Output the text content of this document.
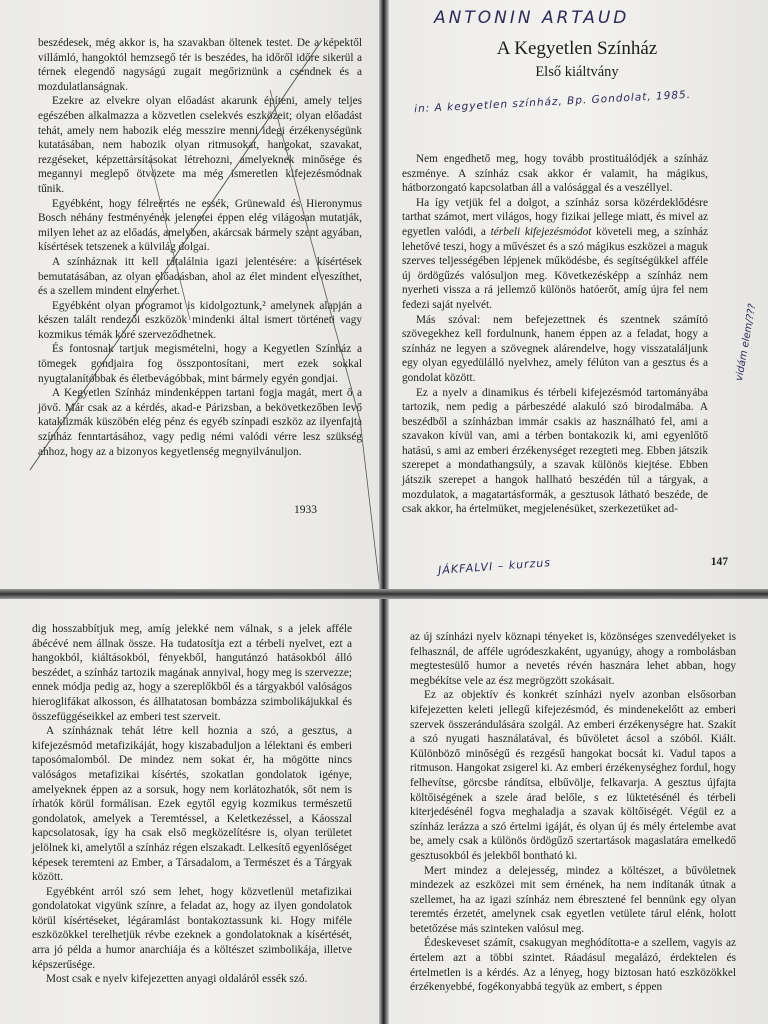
beszédesek, még akkor is, ha szavakban öltenek testet. De a képektől villámló, hangoktól hemzsegő tér is beszédes, ha időről időre sikerül a térnek elegendő nagyságú zugait megőriznünk a csendnek és a mozdulatlanságnak.

Ezekre az elvekre olyan előadást akarunk építeni, amely teljes egészében alkalmazza a közvetlen cselekvés eszközeit; olyan előadást tehát, amely nem habozik elég messzire menni idegi érzékenységünk kutatásában, nem habozik olyan ritmusokat, hangokat, szavakat, rezgéseket, képzettársításokat létrehozni, amelyeknek minősége és megannyi meglepő ötvözete ma még ismeretlen kifejezésmódnak tűnik.

Egyébként, hogy félreértés ne essék, Grünewald és Hieronymus Bosch néhány festményének jelenetei éppen elég világosan mutatják, milyen lehet az az előadás, amelyben, akárcsak bármely szent agyában, kísértések tetszenek a külvilág dolgai.

A színháznak itt kell rátalálnia igazi jelentésére: a kísértések bemutatásában, az olyan előadásban, ahol az élet mindent elveszíthet, és a szellem mindent elnyerhet.

Egyébként olyan programot is kidolgoztunk,² amelynek alapján a készen talált rendezői eszközök mindenki által ismert történeti vagy kozmikus témák köré szerveződhetnek.

És fontosnak tartjuk megismételni, hogy a Kegyetlen Színház a tömegek gondjaira fog összpontosítani, mert ezek sokkal nyugtalanítóbbak és életbevágóbbak, mint bármely egyén gondjai.

A Kegyetlen Színház mindenképpen tartani fogja magát, mert ő a jövő. Már csak az a kérdés, akad-e Párizsban, a bekövetkezőben levő kataklizmák küszöbén elég pénz és egyéb színpadi eszköz az ilyenfajta színház fenntartásához, vagy pedig némi valódi vérre lesz szükség ahhoz, hogy az a bizonyos kegyetlenség megnyilvánuljon.

1933
ANTONIN ARTAUD
A Kegyetlen Színház
Első kiáltvány
in: A kegyetlen színház, Bp. Gondolat, 1985.

Nem engedhető meg, hogy tovább prostituálódjék a színház eszménye. A színház csak akkor ér valamit, ha mágikus, hátborzongató kapcsolatban áll a valósággal és a veszéllyel.

Ha így vetjük fel a dolgot, a színház sorsa közérdeklődésre tarthat számot, mert világos, hogy fizikai jellege miatt, és mivel az egyetlen valódi, a térbeli kifejezésmódot követeli meg, a színház lehetővé teszi, hogy a művészet és a szó mágikus eszközei a maguk szerves teljességében lépjenek működésbe, és segítségükkel afféle új ördögűzés valósuljon meg. Következésképp a színház nem nyerheti vissza a rá jellemző különös hatóerőt, amíg újra fel nem fedezi saját nyelvét.

Más szóval: nem befejezettnek és szentnek számító szövegekhez kell fordulnunk, hanem éppen az a feladat, hogy a színház ne legyen a szövegnek alárendelve, hogy visszataláljunk egy olyan egyedülálló nyelvhez, amely félúton van a gesztus és a gondolat között.

Ez a nyelv a dinamikus és térbeli kifejezésmód tartományába tartozik, nem pedig a párbeszédé alakuló szó birodalmába. A beszédből a színházban immár csakis az használható fel, ami a szavakon kívül van, ami a térben bontakozik ki, ami egyenlőtő hatású, s ami az emberi érzékenységet rezegteti meg. Ebben játszik szerepet a mondathangsúly, a szavak különös kiejtése. Ebben játszik szerepet a hangok hallható beszédén túl a tárgyak, a mozdulatok, a magatartásformák, a gesztusok látható beszéde, de csak akkor, ha értelmüket, megjelenésüket, szerkezetüket ad-

vidám elem/???
JÁKFALVI – kurzus	147

dig hosszabbítjuk meg, amíg jelekké nem válnak, s a jelek afféle ábécévé nem állnak össze. Ha tudatosítja ezt a térbeli nyelvet, ezt a hangokból, kiáltásokból, fényekből, hangutánzó hatásokból álló beszédet, a színház tartozik magának annyival, hogy meg is szervezze; ennek módja pedig az, hogy a szereplőkből és a tárgyakból valóságos hieroglifákat alkosson, és állhatatosan bombázza szimbolikájukkal és összefüggéseikkel az emberi test szerveit.

A színháznak tehát létre kell hoznia a szó, a gesztus, a kifejezésmód metafizikáját, hogy kiszabaduljon a lélektani és emberi taposómalomból. De mindez nem sokat ér, ha mögötte nincs valóságos metafizikai kísértés, szokatlan gondolatok igénye, amelyeknek éppen az a sorsuk, hogy nem korlátozhatók, sőt nem is írhatók körül formálisan. Ezek egytől egyig kozmikus természetű gondolatok, amelyek a Teremtéssel, a Keletkezéssel, a Káosszal kapcsolatosak, így ha csak első megközelítésre is, olyan területet jelölnek ki, amelytől a színház régen elszakadt. Lelkesítő egyenlőséget képesek teremteni az Ember, a Társadalom, a Természet és a Tárgyak között.

Egyébként arról szó sem lehet, hogy közvetlenül metafizikai gondolatokat vigyünk színre, a feladat az, hogy az ilyen gondolatok körül kísértéseket, légáramlást bontakoztassunk ki. Hogy miféle eszközökkel terelhetjük révbe ezeknek a gondolatoknak a kísértését, arra jó példa a humor anarchiája és a költészet szimbolikája, illetve képszerűsége.

Most csak e nyelv kifejezetten anyagi oldaláról essék szó.

az új színházi nyelv köznapi tényeket is, közönséges szenvedélyeket is felhasznál, de afféle ugródeszkaként, ugyanúgy, ahogy a rombolásban megtestesülő humor a nevetés révén hasznára lehet abban, hogy megbékítse vele az ész megrögzött szokásait.

Ez az objektív és konkrét színházi nyelv azonban elsősorban kifejezetten keleti jellegű kifejezésmód, és mindenekelőtt az emberi szervek összerándulására szolgál. Az emberi érzékenységre hat. Szakít a szó nyugati használatával, és bűvöletet ácsol a szóból. Kiált. Különböző minőségű és rezgésű hangokat bocsát ki. Vadul tapos a ritmuson. Hangokat zsigerel ki. Az emberi érzékenységhez fordul, hogy felhevítse, görcsbe rándítsa, elbűvölje, felkavarja. A gesztus újfajta költőiségének a szele árad belőle, s ez lüktetésénél és térbeli kiterjedésénél fogva meghaladja a szavak költőiségét. Végül ez a színház lerázza a szó értelmi igáját, és olyan új és mély értelembe avat be, amely csak a különös ördögűző szertartások magaslatára emelkedő gesztusokból és jelekből bontható ki.

Mert mindez a delejesség, mindez a költészet, a bűvöletnek mindezek az eszközei mit sem érnének, ha nem indítanák útnak a szellemet, ha az igazi színház nem ébresztené fel bennünk egy olyan teremtés érzetét, amelynek csak egyetlen vetülete tárul elénk, holott betetőzése más szinteken valósul meg.

Édeskeveset számít, csakugyan meghódította-e a szellem, vagyis az értelem azt a többi szintet. Ráadásul megalázó, érdektelen és értelmetlen is a kérdés. Az a lényeg, hogy biztosan ható eszközökkel érzékenyebbé, fogékonyabbá tegyük az embert, s éppen
